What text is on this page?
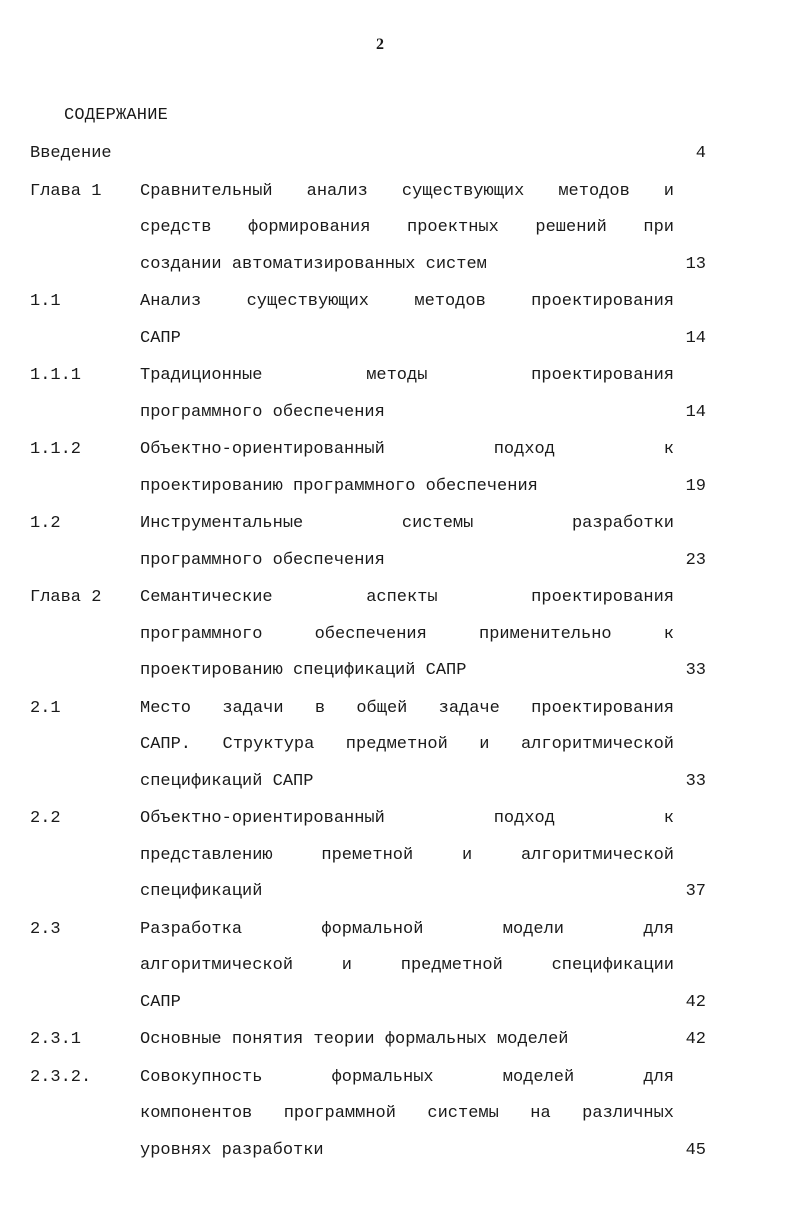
2
СОДЕРЖАНИЕ
Введение	4
Глава 1	Сравнительный анализ существующих методов и
средств формирования проектных решений при
создании автоматизированных систем	13
1.1	Анализ существующих методов проектирования
САПР	14
1.1.1	Традиционные методы проектирования
программного обеспечения	14
1.1.2	Объектно-ориентированный подход к
проектированию программного обеспечения	19
1.2	Инструментальные системы разработки
программного обеспечения	23
Глава 2	Семантические аспекты проектирования
программного обеспечения применительно к
проектированию спецификаций САПР	33
2.1	Место задачи в общей задаче проектирования
САПР. Структура предметной и алгоритмической
спецификаций САПР	33
2.2	Объектно-ориентированный подход к
представлению преметной и алгоритмической
спецификаций	37
2.3	Разработка формальной модели для
алгоритмической и предметной спецификации
САПР	42
2.3.1	Основные понятия теории формальных моделей	42
2.3.2.	Совокупность формальных моделей для
компонентов программной системы на различных
уровнях разработки	45
